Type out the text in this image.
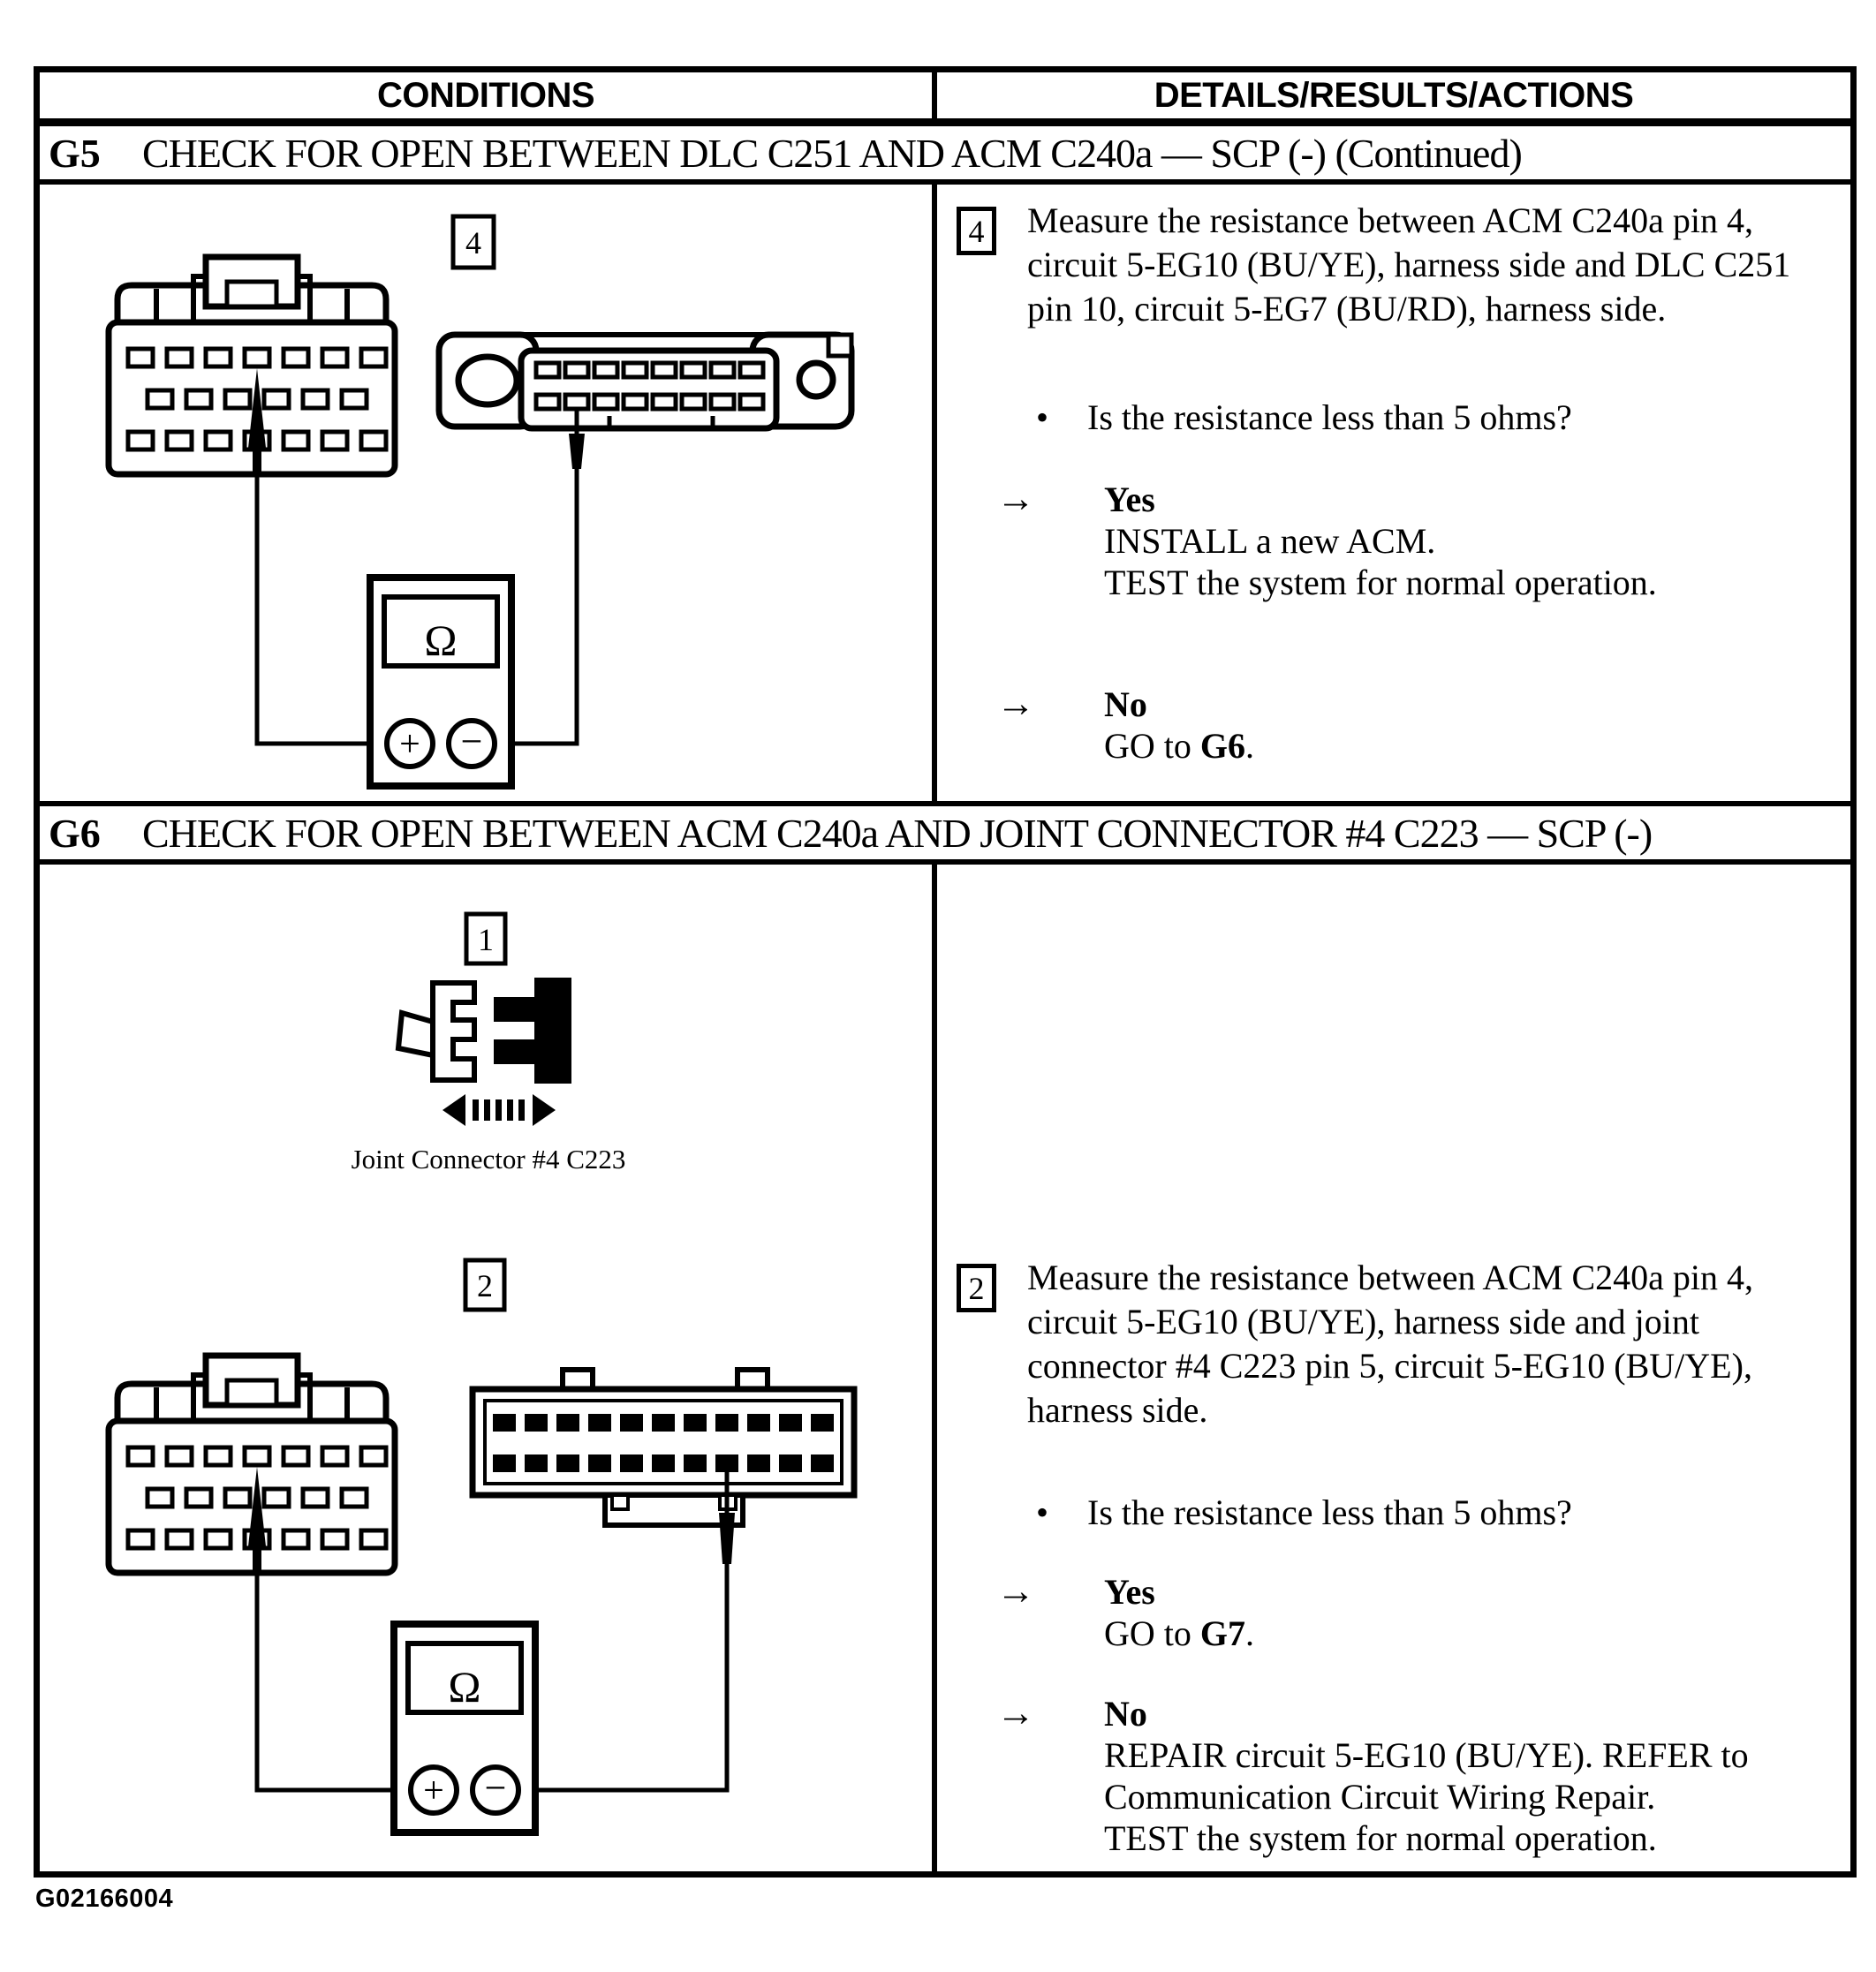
CONDITIONS	DETAILS/RESULTS/ACTIONS
G5	CHECK FOR OPEN BETWEEN DLC C251 AND ACM C240a — SCP (-) (Continued)
4	4 Measure the resistance between ACM C240a pin 4, circuit 5-EG10 (BU/YE), harness side and DLC C251 pin 10, circuit 5-EG7 (BU/RD), harness side.

• Is the resistance less than 5 ohms?
→ Yes
INSTALL a new ACM.
TEST the system for normal operation.
→ No
GO to G6.
G6	CHECK FOR OPEN BETWEEN ACM C240a AND JOINT CONNECTOR #4 C223 — SCP (-)
1
Joint Connector #4 C223
2	2 Measure the resistance between ACM C240a pin 4, circuit 5-EG10 (BU/YE), harness side and joint connector #4 C223 pin 5, circuit 5-EG10 (BU/YE), harness side.

• Is the resistance less than 5 ohms?
→ Yes
GO to G7.
→ No
REPAIR circuit 5-EG10 (BU/YE). REFER to
Communication Circuit Wiring Repair.
TEST the system for normal operation.
G02166004
